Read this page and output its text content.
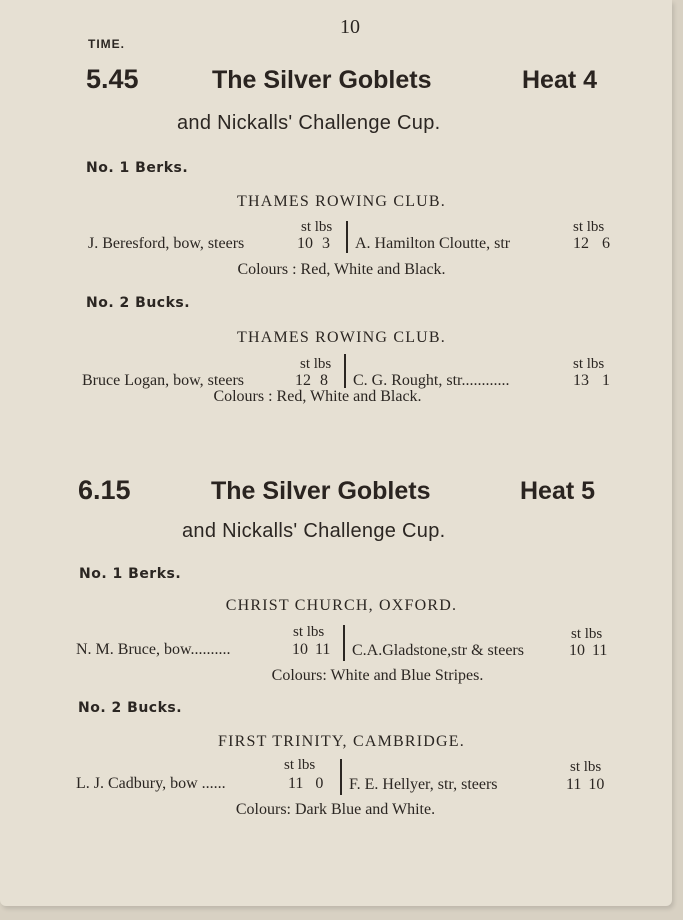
10
TIME.
5.45	The Silver Goblets	Heat 4
and Nickalls' Challenge Cup.
No. 1 Berks.
THAMES ROWING CLUB.
st lbs	st lbs
J. Beresford, bow, steers	10 3 A. Hamilton Cloutte, str	12 6
Colours : Red, White and Black.
No. 2 Bucks.
THAMES ROWING CLUB.
st lbs	st lbs
Bruce Logan, bow, steers	12 8 C. G. Rought, str............	13 1
Colours : Red, White and Black.
6.15	The Silver Goblets	Heat 5
and Nickalls' Challenge Cup.
No. 1 Berks.
CHRIST CHURCH, OXFORD.
st lbs	st lbs
N. M. Bruce, bow..........	10 11 C.A.Gladstone,str & steers	10 11
Colours: White and Blue Stripes.
No. 2 Bucks.
FIRST TRINITY, CAMBRIDGE.
st lbs	st lbs
L. J. Cadbury, bow ......	11 0 F. E. Hellyer, str, steers	11 10
Colours: Dark Blue and White.
